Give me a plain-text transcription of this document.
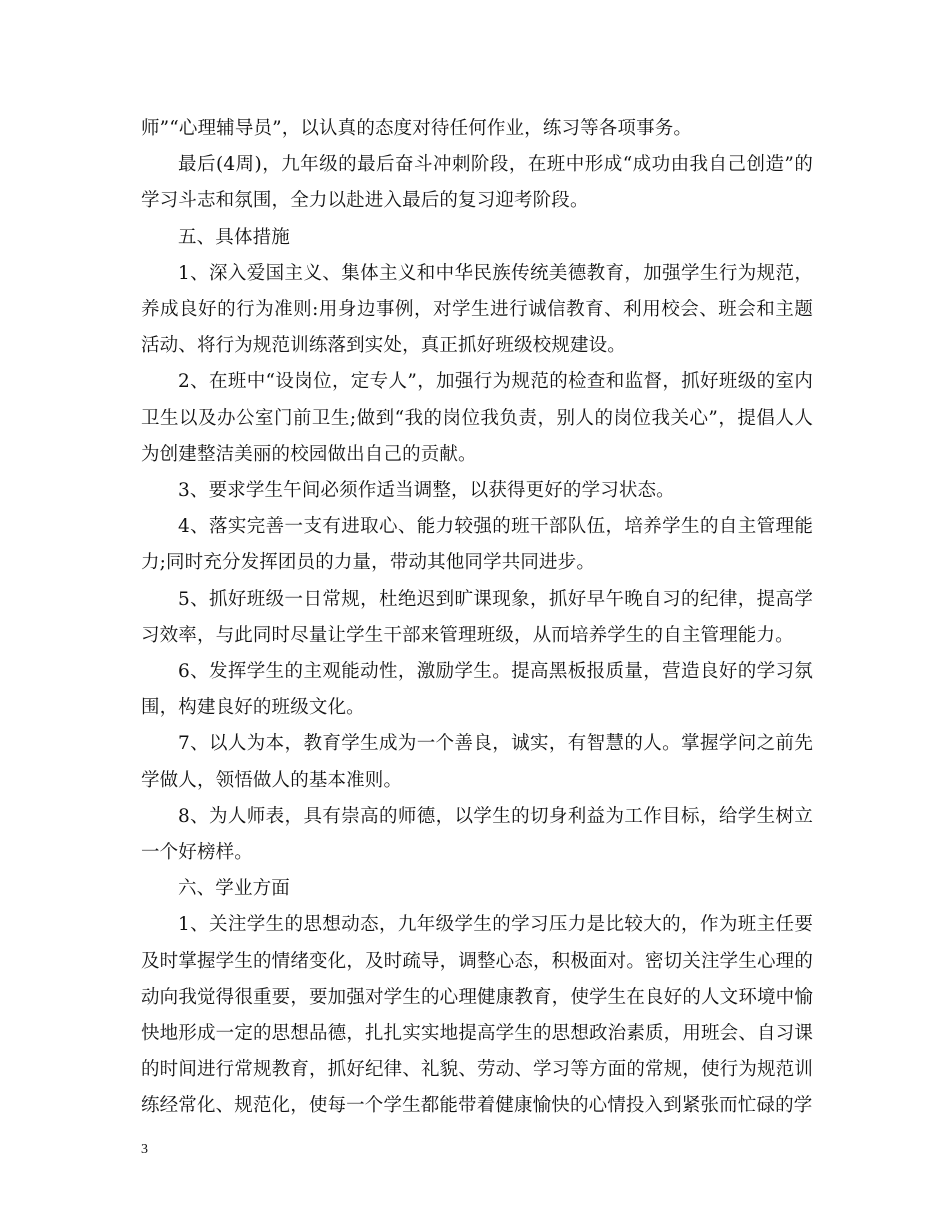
师”“心理辅导员”，以认真的态度对待任何作业，练习等各项事务。

最后(4周)，九年级的最后奋斗冲刺阶段，在班中形成“成功由我自己创造”的学习斗志和氛围，全力以赴进入最后的复习迎考阶段。

五、具体措施

1、深入爱国主义、集体主义和中华民族传统美德教育，加强学生行为规范，养成良好的行为准则:用身边事例，对学生进行诚信教育、利用校会、班会和主题活动、将行为规范训练落到实处，真正抓好班级校规建设。

2、在班中“设岗位，定专人”，加强行为规范的检查和监督，抓好班级的室内卫生以及办公室门前卫生;做到“我的岗位我负责，别人的岗位我关心”，提倡人人为创建整洁美丽的校园做出自己的贡献。

3、要求学生午间必须作适当调整，以获得更好的学习状态。

4、落实完善一支有进取心、能力较强的班干部队伍，培养学生的自主管理能力;同时充分发挥团员的力量，带动其他同学共同进步。

5、抓好班级一日常规，杜绝迟到旷课现象，抓好早午晚自习的纪律，提高学习效率，与此同时尽量让学生干部来管理班级，从而培养学生的自主管理能力。

6、发挥学生的主观能动性，激励学生。提高黑板报质量，营造良好的学习氛围，构建良好的班级文化。

7、以人为本，教育学生成为一个善良，诚实，有智慧的人。掌握学问之前先学做人，领悟做人的基本准则。

8、为人师表，具有崇高的师德，以学生的切身利益为工作目标，给学生树立一个好榜样。

六、学业方面

1、关注学生的思想动态，九年级学生的学习压力是比较大的，作为班主任要及时掌握学生的情绪变化，及时疏导，调整心态，积极面对。密切关注学生心理的动向我觉得很重要，要加强对学生的心理健康教育，使学生在良好的人文环境中愉快地形成一定的思想品德，扎扎实实地提高学生的思想政治素质，用班会、自习课的时间进行常规教育，抓好纪律、礼貌、劳动、学习等方面的常规，使行为规范训练经常化、规范化，使每一个学生都能带着健康愉快的心情投入到紧张而忙碌的学

3
